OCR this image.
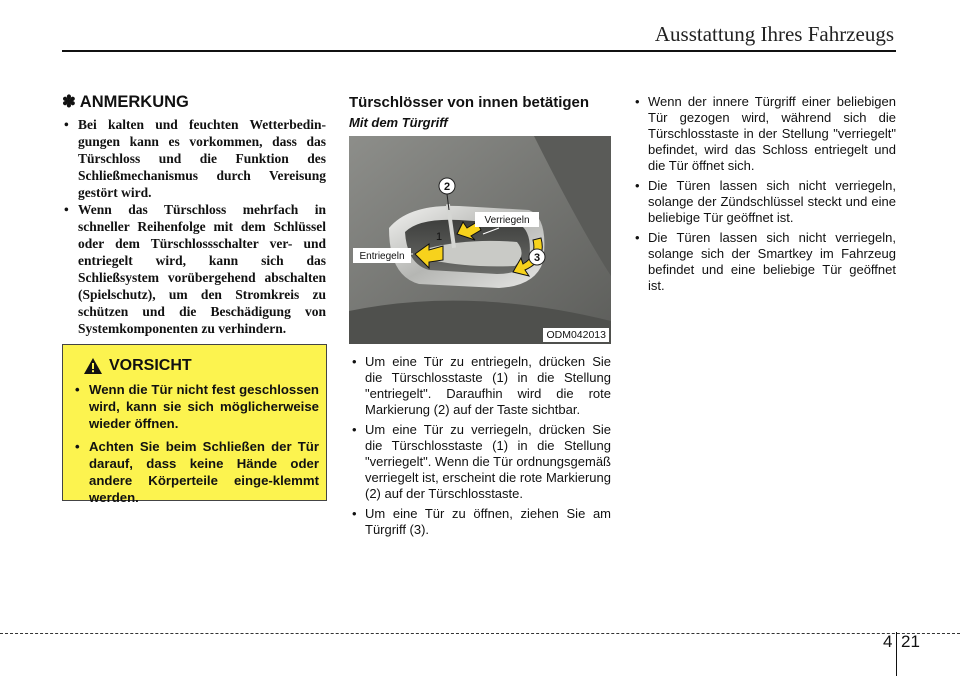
Ausstattung Ihres Fahrzeugs
✽ ANMERKUNG
• Bei kalten und feuchten Wetterbedin-gungen kann es vorkommen, dass das Türschloss und die Funktion des Schließmechanismus durch Vereisung gestört wird.
• Wenn das Türschloss mehrfach in schneller Reihenfolge mit dem Schlüssel oder dem Türschlossschalter ver- und entriegelt wird, kann sich das Schließsystem vorübergehend abschalten (Spielschutz), um den Stromkreis zu schützen und die Beschädigung von Systemkomponenten zu verhindern.
VORSICHT
• Wenn die Tür nicht fest geschlossen wird, kann sie sich möglicherweise wieder öffnen.
• Achten Sie beim Schließen der Tür darauf, dass keine Hände oder andere Körperteile einge-klemmt werden.
Türschlösser von innen betätigen
Mit dem Türgriff
Verriegeln
Entriegeln
1
2
3
ODM042013
• Um eine Tür zu entriegeln, drücken Sie die Türschlosstaste (1) in die Stellung "entriegelt". Daraufhin wird die rote Markierung (2) auf der Taste sichtbar.
• Um eine Tür zu verriegeln, drücken Sie die Türschlosstaste (1) in die Stellung "verriegelt". Wenn die Tür ordnungsgemäß verriegelt ist, erscheint die rote Markierung (2) auf der Türschlosstaste.
• Um eine Tür zu öffnen, ziehen Sie am Türgriff (3).
• Wenn der innere Türgriff einer beliebigen Tür gezogen wird, während sich die Türschlosstaste in der Stellung "verriegelt" befindet, wird das Schloss entriegelt und die Tür öffnet sich.
• Die Türen lassen sich nicht verriegeln, solange der Zündschlüssel steckt und eine beliebige Tür geöffnet ist.
• Die Türen lassen sich nicht verriegeln, solange sich der Smartkey im Fahrzeug befindet und eine beliebige Tür geöffnet ist.
4 21
